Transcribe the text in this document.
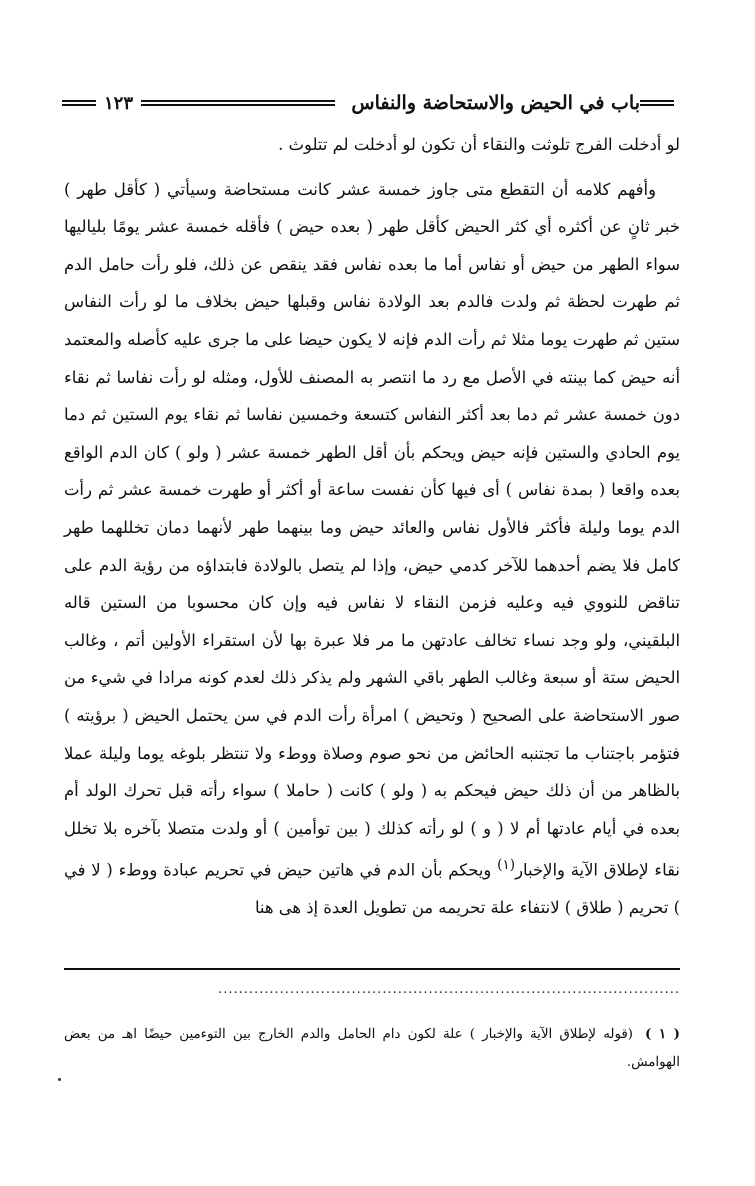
باب في الحيض والاستحاضة والنفاس
١٢٣

لو أدخلت الفرج تلوثت والنقاء أن تكون لو أدخلت لم تتلوث .

وأفهم كلامه أن التقطع متى جاوز خمسة عشر كانت مستحاضة وسيأتي ( كأقل طهر ) خبر ثانٍ عن أكثره أي كثر الحيض كأقل طهر ( بعده حيض ) فأقله خمسة عشر يومًا بلياليها سواء الطهر من حيض أو نفاس أما ما بعده نفاس فقد ينقص عن ذلك، فلو رأت حامل الدم ثم طهرت لحظة ثم ولدت فالدم بعد الولادة نفاس وقبلها حيض بخلاف ما لو رأت النفاس ستين ثم طهرت يوما مثلا ثم رأت الدم فإنه لا يكون حيضا على ما جرى عليه كأصله والمعتمد أنه حيض كما بينته في الأصل مع رد ما انتصر به المصنف للأول، ومثله لو رأت نفاسا ثم نقاء دون خمسة عشر ثم دما بعد أكثر النفاس كتسعة وخمسين نفاسا ثم نقاء يوم الستين ثم دما يوم الحادي والستين فإنه حيض ويحكم بأن أقل الطهر خمسة عشر ( ولو ) كان الدم الواقع بعده واقعا ( بمدة نفاس ) أى فيها كأن نفست ساعة أو أكثر أو طهرت خمسة عشر ثم رأت الدم يوما وليلة فأكثر فالأول نفاس والعائد حيض وما بينهما طهر لأنهما دمان تخللهما طهر كامل فلا يضم أحدهما للآخر كدمي حيض، وإذا لم يتصل بالولادة فابتداؤه من رؤية الدم على تناقض للنووي فيه وعليه فزمن النقاء لا نفاس فيه وإن كان محسوبا من الستين قاله البلقيني، ولو وجد نساء تخالف عادتهن ما مر فلا عبرة بها لأن استقراء الأولين أتم ، وغالب الحيض ستة أو سبعة وغالب الطهر باقي الشهر ولم يذكر ذلك لعدم كونه مرادا في شيء من صور الاستحاضة على الصحيح ( وتحيض ) امرأة رأت الدم في سن يحتمل الحيض ( برؤيته ) فتؤمر باجتناب ما تجتنبه الحائض من نحو صوم وصلاة ووطء ولا تنتظر بلوغه يوما وليلة عملا بالظاهر من أن ذلك حيض فيحكم به ( ولو ) كانت ( حاملا ) سواء رأته قبل تحرك الولد أم بعده في أيام عادتها أم لا ( و ) لو رأته كذلك ( بين توأمين ) أو ولدت متصلا بآخره بلا تخلل نقاء لإطلاق الآية والإخبار$^{(١)}$ ويحكم بأن الدم في هاتين حيض في تحريم عبادة ووطء ( لا في ) تحريم ( طلاق ) لانتفاء علة تحريمه من تطويل العدة إذ هى هنا

..........................................................................................
( ١ )(قوله لإطلاق الآية والإخبار ) علة لكون دام الحامل والدم الخارج بين التوءمين حيضًا اهـ من بعض الهوامش.
